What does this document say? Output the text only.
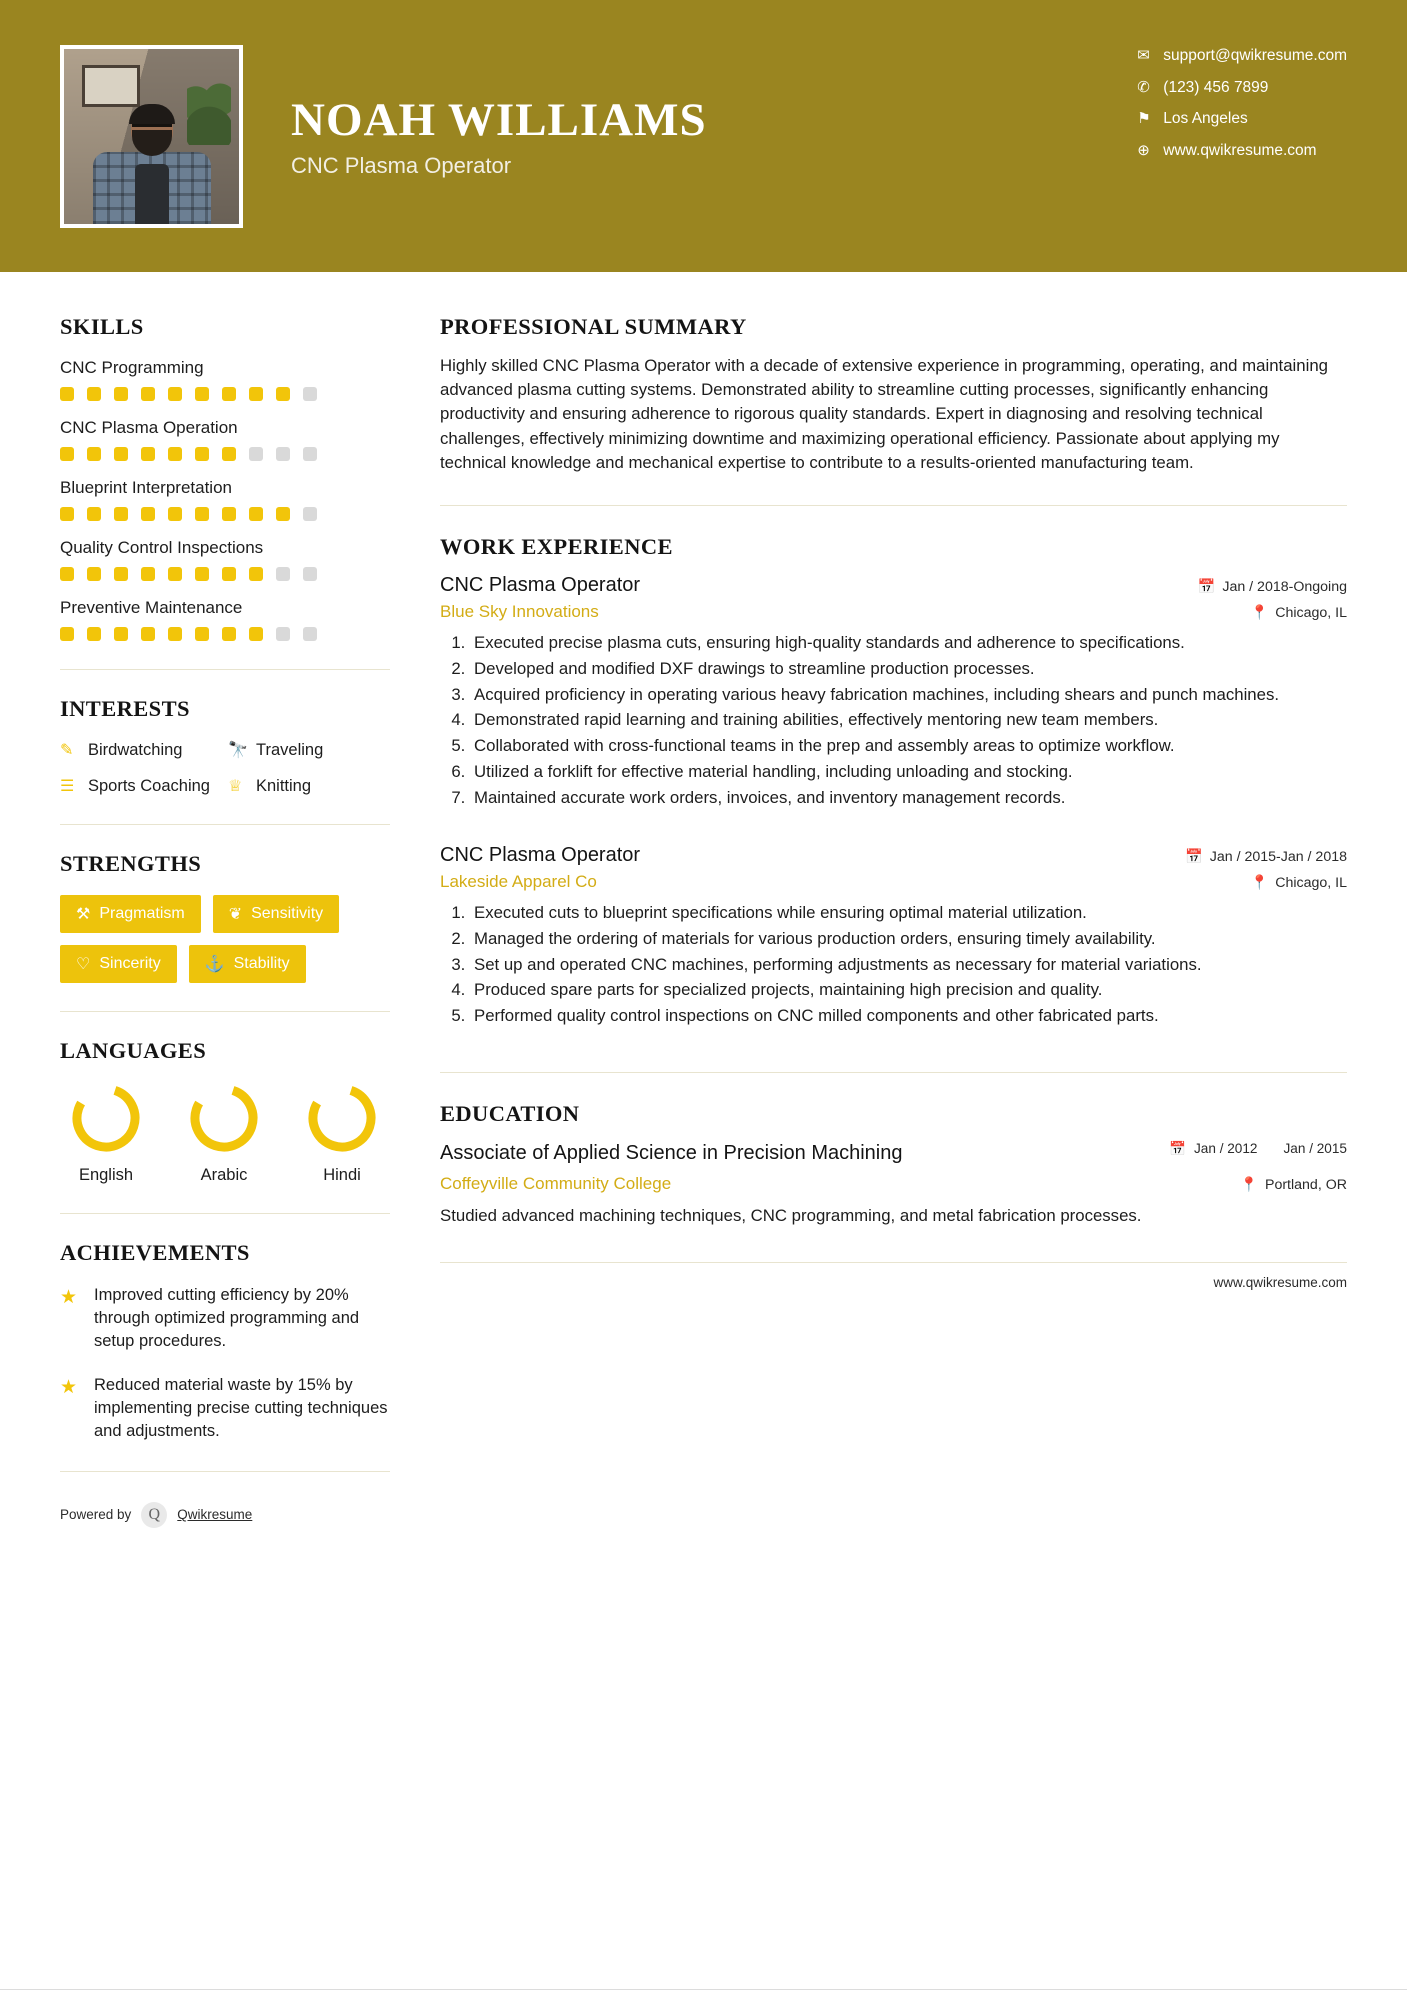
NOAH WILLIAMS
CNC Plasma Operator
✉ support@qwikresume.com
✆ (123) 456 7899
⚑ Los Angeles
⊕ www.qwikresume.com
SKILLS
CNC Programming
CNC Plasma Operation
Blueprint Interpretation
Quality Control Inspections
Preventive Maintenance
INTERESTS
✎ Birdwatching	🔭 Traveling
☰ Sports Coaching ♕ Knitting
STRENGTHS
⚒ Pragmatism	❦ Sensitivity
♡ Sincerity	⚓ Stability
LANGUAGES
English	Arabic	Hindi
ACHIEVEMENTS
★	Improved cutting efficiency by 20% through optimized programming and setup procedures.
★	Reduced material waste by 15% by implementing precise cutting techniques and adjustments.
Powered by	Q	Qwikresume
PROFESSIONAL SUMMARY
Highly skilled CNC Plasma Operator with a decade of extensive experience in programming, operating, and maintaining advanced plasma cutting systems. Demonstrated ability to streamline cutting processes, significantly enhancing productivity and ensuring adherence to rigorous quality standards. Expert in diagnosing and resolving technical challenges, effectively minimizing downtime and maximizing operational efficiency. Passionate about applying my technical knowledge and mechanical expertise to contribute to a results-oriented manufacturing team.
WORK EXPERIENCE
CNC Plasma Operator	📅 Jan / 2018-Ongoing
Blue Sky Innovations	📍 Chicago, IL
1. Executed precise plasma cuts, ensuring high-quality standards and adherence to specifications.
2. Developed and modified DXF drawings to streamline production processes.
3. Acquired proficiency in operating various heavy fabrication machines, including shears and punch machines.
4. Demonstrated rapid learning and training abilities, effectively mentoring new team members.
5. Collaborated with cross-functional teams in the prep and assembly areas to optimize workflow.
6. Utilized a forklift for effective material handling, including unloading and stocking.
7. Maintained accurate work orders, invoices, and inventory management records.
CNC Plasma Operator	📅 Jan / 2015-Jan / 2018
Lakeside Apparel Co	📍 Chicago, IL
1. Executed cuts to blueprint specifications while ensuring optimal material utilization.
2. Managed the ordering of materials for various production orders, ensuring timely availability.
3. Set up and operated CNC machines, performing adjustments as necessary for material variations.
4. Produced spare parts for specialized projects, maintaining high precision and quality.
5. Performed quality control inspections on CNC milled components and other fabricated parts.
EDUCATION
Associate of Applied Science in Precision Machining	📅 Jan / 2012 Jan / 2015
Coffeyville Community College	📍 Portland, OR
Studied advanced machining techniques, CNC programming, and metal fabrication processes.
www.qwikresume.com
